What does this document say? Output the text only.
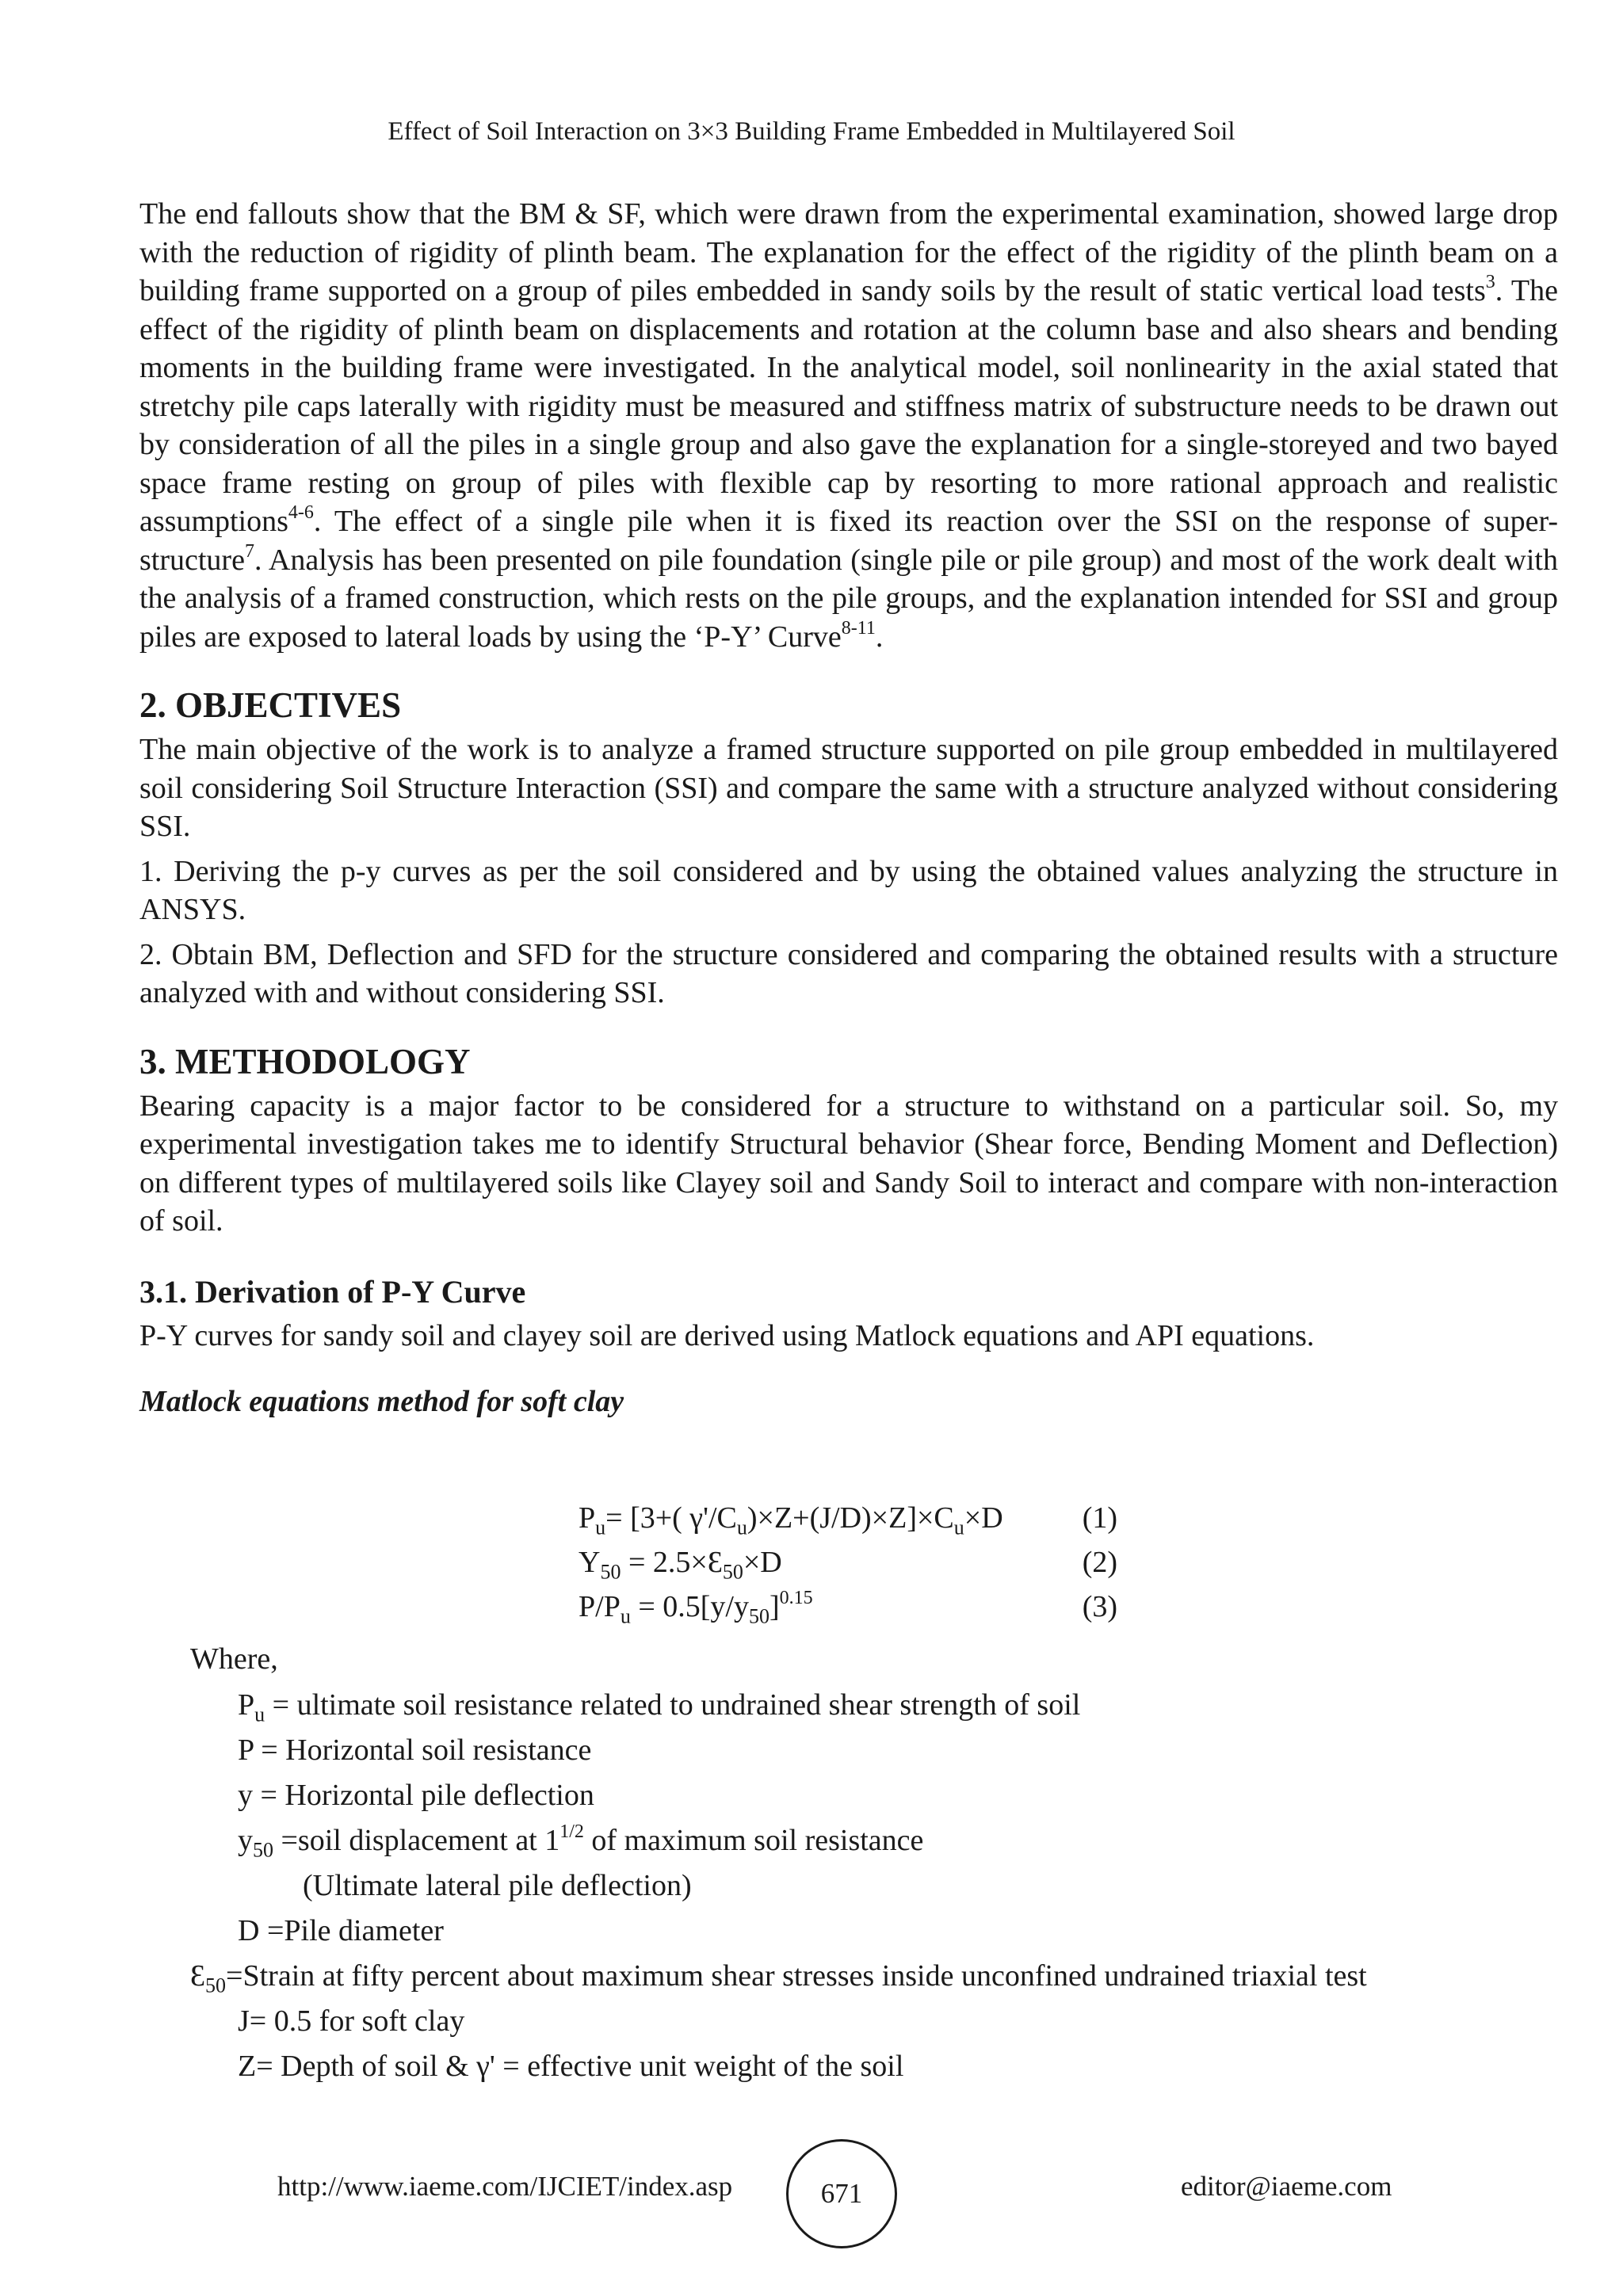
Effect of Soil Interaction on 3×3 Building Frame Embedded in Multilayered Soil

The end fallouts show that the BM & SF, which were drawn from the experimental examination, showed large drop with the reduction of rigidity of plinth beam. The explanation for the effect of the rigidity of the plinth beam on a building frame supported on a group of piles embedded in sandy soils by the result of static vertical load tests$^3$. The effect of the rigidity of plinth beam on displacements and rotation at the column base and also shears and bending moments in the building frame were investigated. In the analytical model, soil nonlinearity in the axial stated that stretchy pile caps laterally with rigidity must be measured and stiffness matrix of substructure needs to be drawn out by consideration of all the piles in a single group and also gave the explanation for a single-storeyed and two bayed space frame resting on group of piles with flexible cap by resorting to more rational approach and realistic assumptions$^{4-6}$. The effect of a single pile when it is fixed its reaction over the SSI on the response of super-structure$^7$. Analysis has been presented on pile foundation (single pile or pile group) and most of the work dealt with the analysis of a framed construction, which rests on the pile groups, and the explanation intended for SSI and group piles are exposed to lateral loads by using the ‘P-Y’ Curve$^{8-11}$.

2. OBJECTIVES

The main objective of the work is to analyze a framed structure supported on pile group embedded in multilayered soil considering Soil Structure Interaction (SSI) and compare the same with a structure analyzed without considering SSI.

1. Deriving the p-y curves as per the soil considered and by using the obtained values analyzing the structure in ANSYS.

2. Obtain BM, Deflection and SFD for the structure considered and comparing the obtained results with a structure analyzed with and without considering SSI.

3. METHODOLOGY

Bearing capacity is a major factor to be considered for a structure to withstand on a particular soil. So, my experimental investigation takes me to identify Structural behavior (Shear force, Bending Moment and Deflection) on different types of multilayered soils like Clayey soil and Sandy Soil to interact and compare with non-interaction of soil.

3.1. Derivation of P-Y Curve

P-Y curves for sandy soil and clayey soil are derived using Matlock equations and API equations.

Matlock equations method for soft clay
$P_u= [3+$( $\gamma'/C_u)\times Z+(J/D)\times Z]\times C_u\times D$	(1)
$Y_{50}$ = $2.5\times Ɛ_{50}\times D$	(2)
$P/P_u = 0.5[y/y_{50}]^{0.15}$	(3)
Where,
$P_u$ = ultimate soil resistance related to undrained shear strength of soil
P = Horizontal soil resistance
y = Horizontal pile deflection
$y_{50}$ =soil displacement at $1^{1/2}$ of maximum soil resistance
(Ultimate lateral pile deflection)
D =Pile diameter
$Ɛ_{50}=Strain$ at fifty percent about maximum shear stresses inside unconfined undrained triaxial test
J= 0.5 for soft clay
Z= Depth of soil & γ' = effective unit weight of the soil
http://www.iaeme.com/IJCIET/index.asp	671	editor@iaeme.com
